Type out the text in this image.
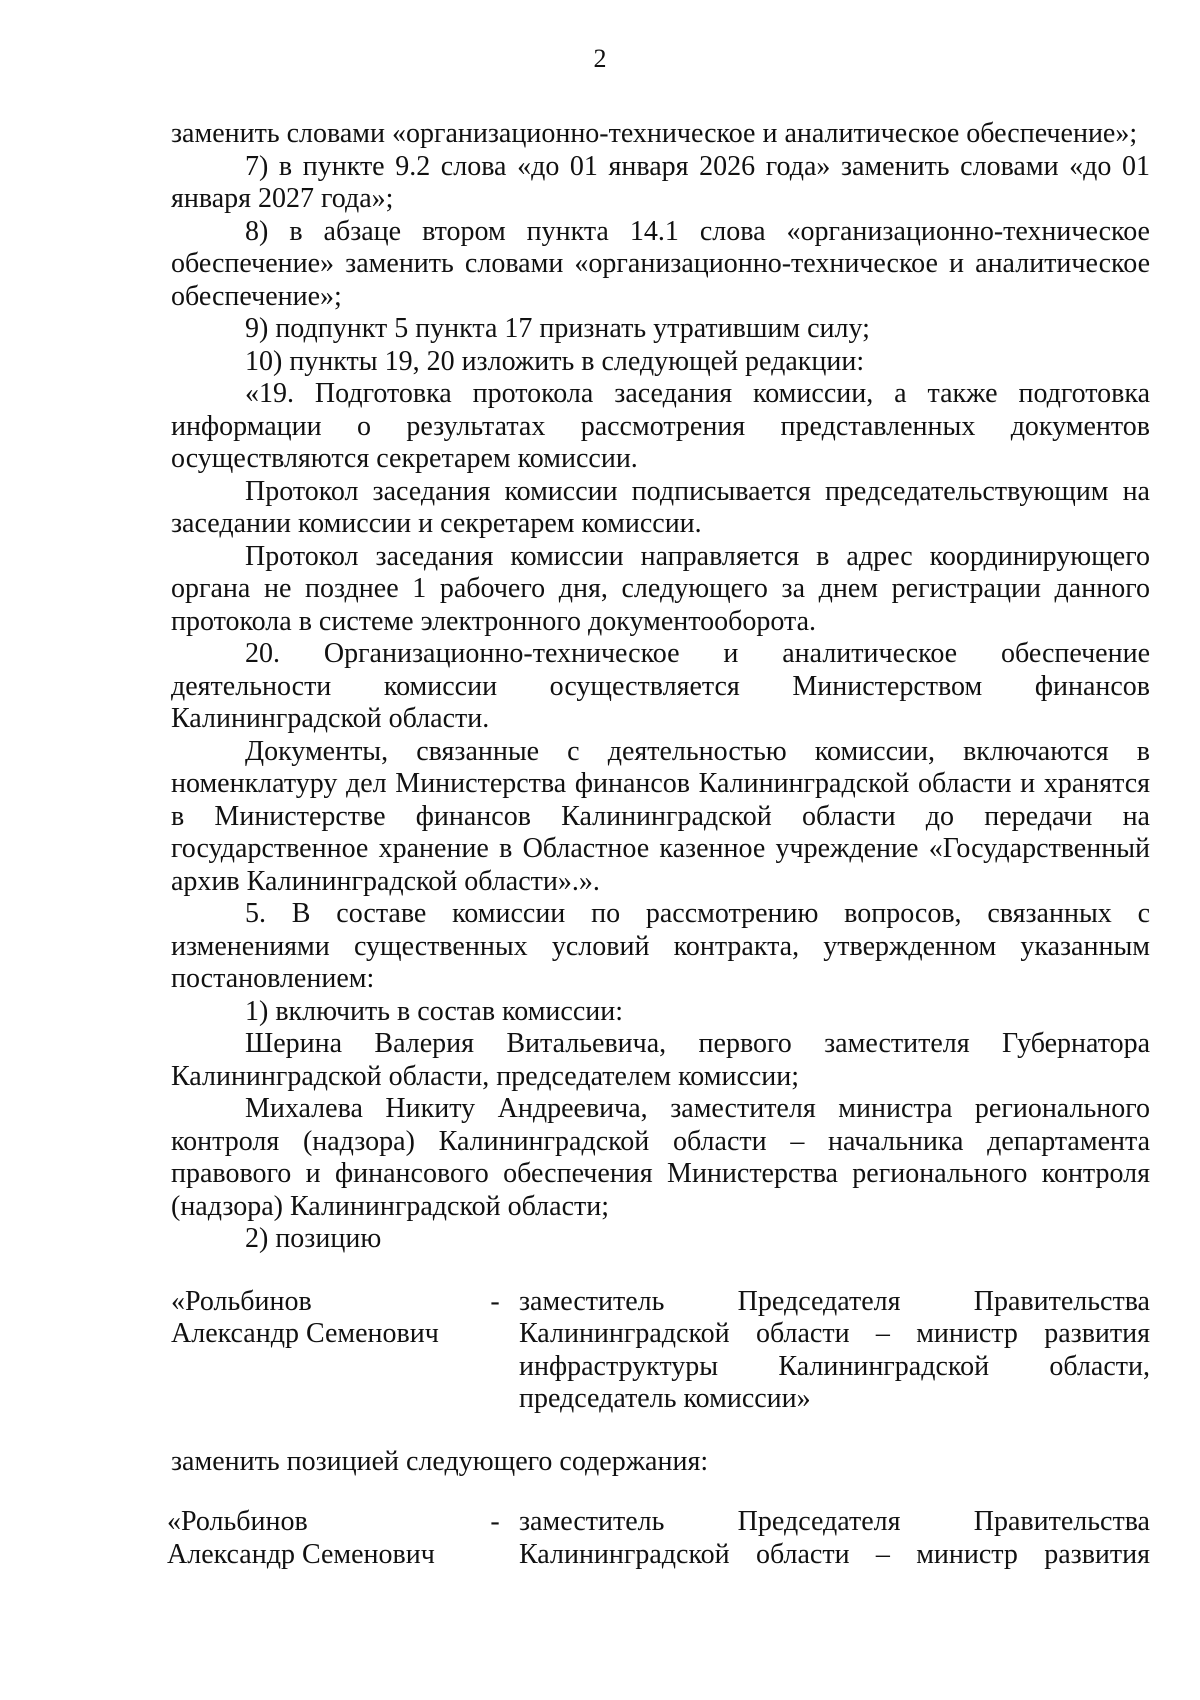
2

заменить словами «организационно-техническое и аналитическое обеспечение»;

7) в пункте 9.2 слова «до 01 января 2026 года» заменить словами «до 01 января 2027 года»;

8) в абзаце втором пункта 14.1 слова «организационно-техническое обеспечение» заменить словами «организационно-техническое и аналитическое обеспечение»;

9) подпункт 5 пункта 17 признать утратившим силу;

10) пункты 19, 20 изложить в следующей редакции:

«19. Подготовка протокола заседания комиссии, а также подготовка информации о результатах рассмотрения представленных документов осуществляются секретарем комиссии.

Протокол заседания комиссии подписывается председательствующим на заседании комиссии и секретарем комиссии.

Протокол заседания комиссии направляется в адрес координирующего органа не позднее 1 рабочего дня, следующего за днем регистрации данного протокола в системе электронного документооборота.

20. Организационно-техническое и аналитическое обеспечение деятельности комиссии осуществляется Министерством финансов Калининградской области.

Документы, связанные с деятельностью комиссии, включаются в номенклатуру дел Министерства финансов Калининградской области и хранятся в Министерстве финансов Калининградской области до передачи на государственное хранение в Областное казенное учреждение «Государственный архив Калининградской области».».

5. В составе комиссии по рассмотрению вопросов, связанных с изменениями существенных условий контракта, утвержденном указанным постановлением:

1) включить в состав комиссии:

Шерина Валерия Витальевича, первого заместителя Губернатора Калининградской области, председателем комиссии;

Михалева Никиту Андреевича, заместителя министра регионального контроля (надзора) Калининградской области – начальника департамента правового и финансового обеспечения Министерства регионального контроля (надзора) Калининградской области;

2) позицию

«Рольбинов
Александр Семенович
- заместитель Председателя Правительства
Калининградской области – министр развития
инфраструктуры Калининградской области,
председатель комиссии»

заменить позицией следующего содержания:

«Рольбинов
Александр Семенович
- заместитель Председателя Правительства
Калининградской области – министр развития
